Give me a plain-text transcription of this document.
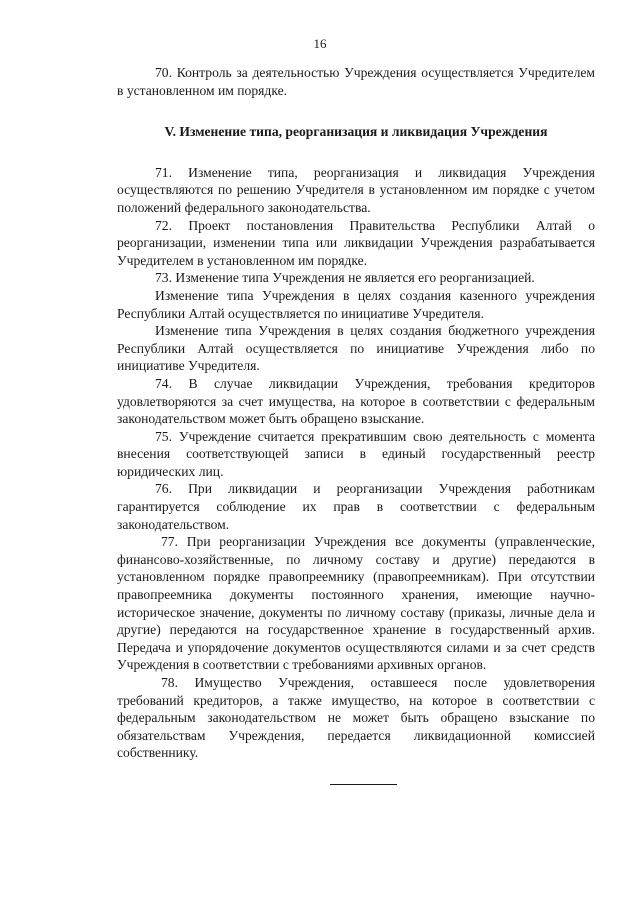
16

70. Контроль за деятельностью Учреждения осуществляется Учредителем в установленном им порядке.

V. Изменение типа, реорганизация и ликвидация Учреждения

71. Изменение типа, реорганизация и ликвидация Учреждения осуществляются по решению Учредителя в установленном им порядке с учетом положений федерального законодательства.

72. Проект постановления Правительства Республики Алтай о реорганизации, изменении типа или ликвидации Учреждения разрабатывается Учредителем в установленном им порядке.

73. Изменение типа Учреждения не является его реорганизацией.

Изменение типа Учреждения в целях создания казенного учреждения Республики Алтай осуществляется по инициативе Учредителя.

Изменение типа Учреждения в целях создания бюджетного учреждения Республики Алтай осуществляется по инициативе Учреждения либо по инициативе Учредителя.

74. В случае ликвидации Учреждения, требования кредиторов удовлетворяются за счет имущества, на которое в соответствии с федеральным законодательством может быть обращено взыскание.

75. Учреждение считается прекратившим свою деятельность с момента внесения соответствующей записи в единый государственный реестр юридических лиц.

76. При ликвидации и реорганизации Учреждения работникам гарантируется соблюдение их прав в соответствии с федеральным законодательством.

77. При реорганизации Учреждения все документы (управленческие, финансово-хозяйственные, по личному составу и другие) передаются в установленном порядке правопреемнику (правопреемникам). При отсутствии правопреемника документы постоянного хранения, имеющие научно-историческое значение, документы по личному составу (приказы, личные дела и другие) передаются на государственное хранение в государственный архив. Передача и упорядочение документов осуществляются силами и за счет средств Учреждения в соответствии с требованиями архивных органов.

78. Имущество Учреждения, оставшееся после удовлетворения требований кредиторов, а также имущество, на которое в соответствии с федеральным законодательством не может быть обращено взыскание по обязательствам Учреждения, передается ликвидационной комиссией собственнику.
